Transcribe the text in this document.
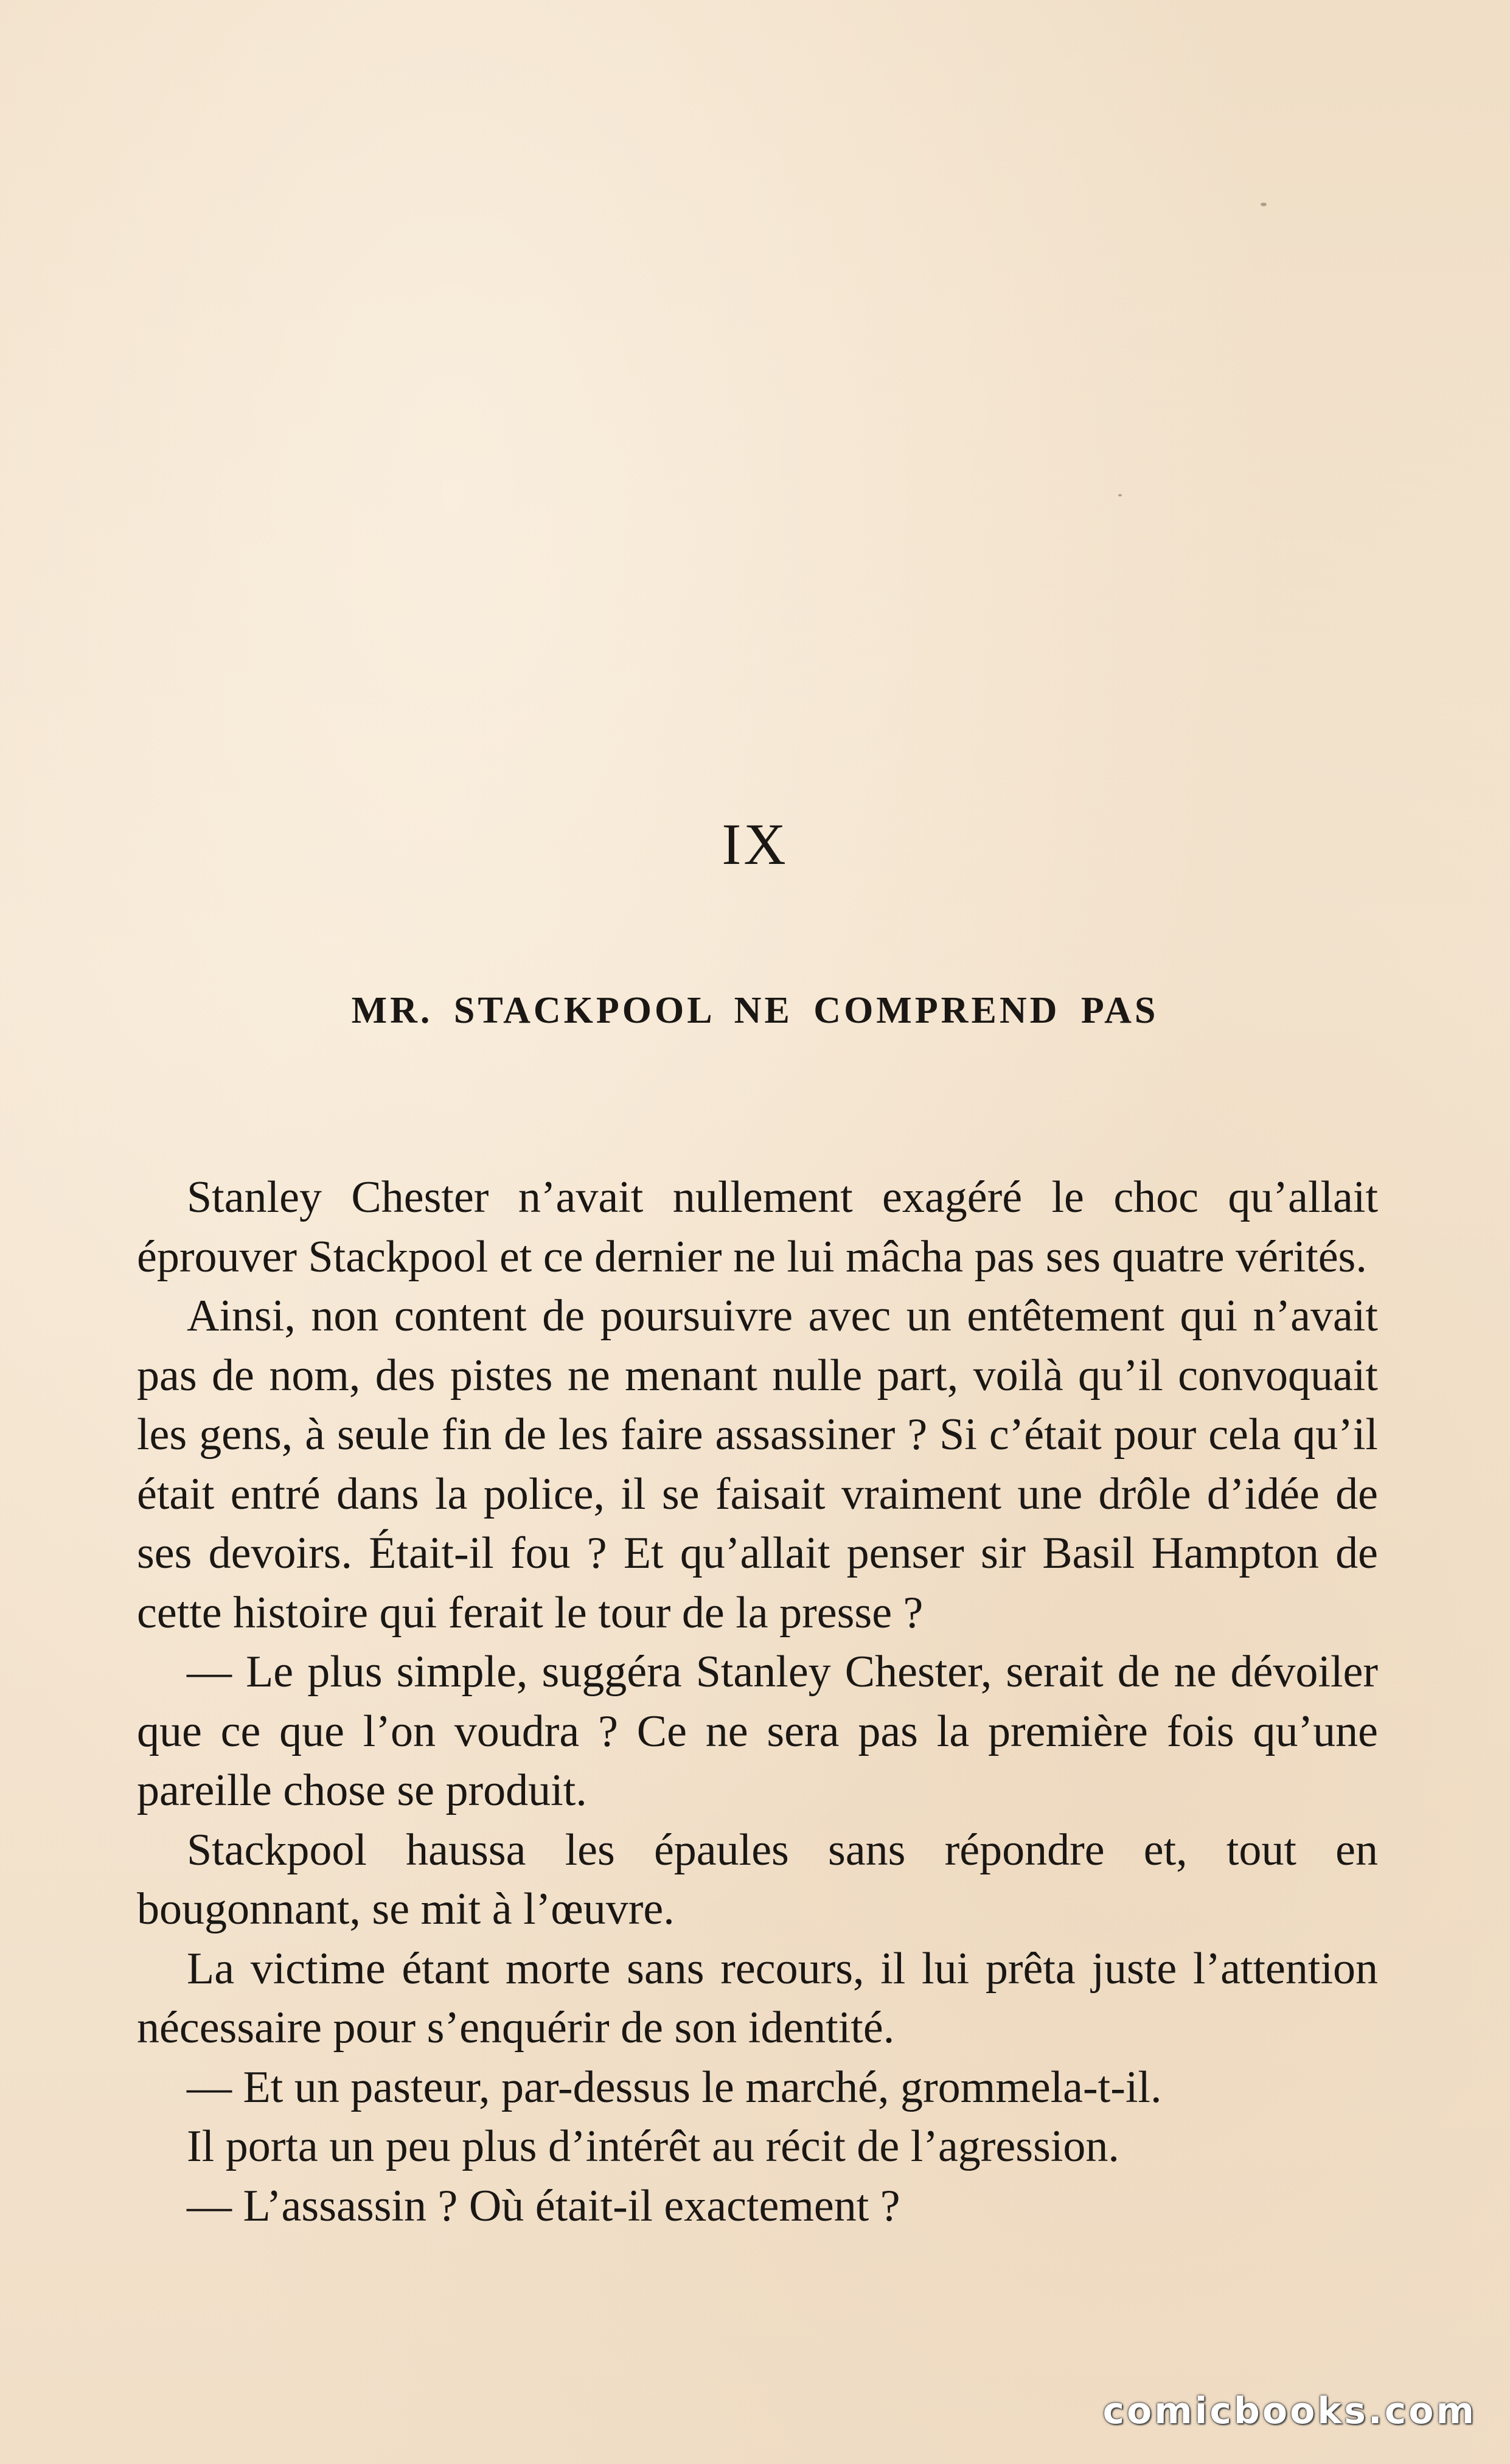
IX
MR. STACKPOOL NE COMPREND PAS

Stanley Chester n’avait nullement exagéré le choc qu’allait éprouver Stackpool et ce dernier ne lui mâcha pas ses quatre vérités.

Ainsi, non content de poursuivre avec un entêtement qui n’avait pas de nom, des pistes ne menant nulle part, voilà qu’il convoquait les gens, à seule fin de les faire assassiner ? Si c’était pour cela qu’il était entré dans la police, il se faisait vraiment une drôle d’idée de ses devoirs. Était-il fou ? Et qu’allait penser sir Basil Hampton de cette histoire qui ferait le tour de la presse ?

— Le plus simple, suggéra Stanley Chester, serait de ne dévoiler que ce que l’on voudra ? Ce ne sera pas la première fois qu’une pareille chose se produit.

Stackpool haussa les épaules sans répondre et, tout en bougonnant, se mit à l’œuvre.

La victime étant morte sans recours, il lui prêta juste l’attention nécessaire pour s’enquérir de son identité.

— Et un pasteur, par-dessus le marché, grommela-t-il.

Il porta un peu plus d’intérêt au récit de l’agression.

— L’assassin ? Où était-il exactement ?

comicbooks.com
